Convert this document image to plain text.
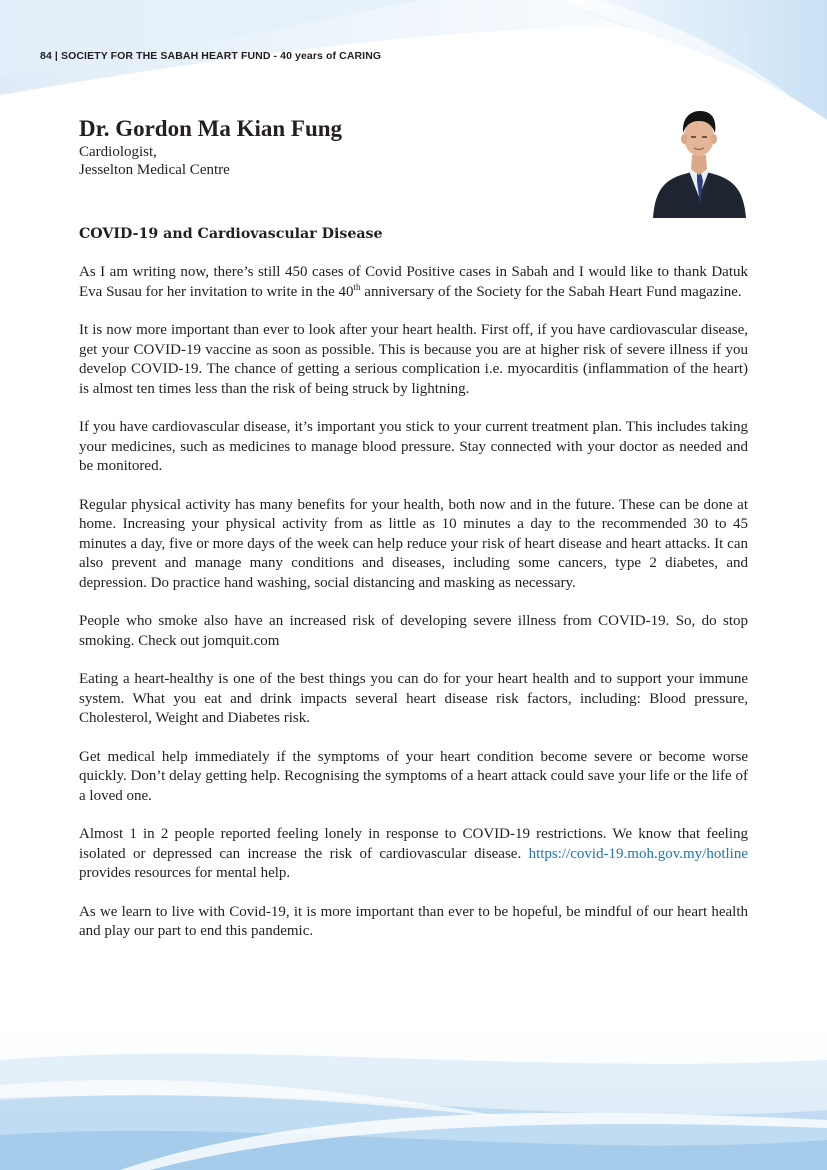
84 | SOCIETY FOR THE SABAH HEART FUND - 40 years of CARING
Dr. Gordon Ma Kian Fung
Cardiologist,
Jesselton Medical Centre
COVID-19 and Cardiovascular Disease

As I am writing now, there’s still 450 cases of Covid Positive cases in Sabah and I would like to thank Datuk Eva Susau for her invitation to write in the 40th anniversary of the Society for the Sabah Heart Fund magazine.

It is now more important than ever to look after your heart health. First off, if you have cardiovascular disease, get your COVID-19 vaccine as soon as possible. This is because you are at higher risk of severe illness if you develop COVID-19. The chance of getting a serious complication i.e. myocarditis (inflammation of the heart) is almost ten times less than the risk of being struck by lightning.

If you have cardiovascular disease, it’s important you stick to your current treatment plan. This includes taking your medicines, such as medicines to manage blood pressure. Stay connected with your doctor as needed and be monitored.

Regular physical activity has many benefits for your health, both now and in the future. These can be done at home. Increasing your physical activity from as little as 10 minutes a day to the recommended 30 to 45 minutes a day, five or more days of the week can help reduce your risk of heart disease and heart attacks. It can also prevent and manage many conditions and diseases, including some cancers, type 2 diabetes, and depression. Do practice hand washing, social distancing and masking as necessary.

People who smoke also have an increased risk of developing severe illness from COVID-19. So, do stop smoking. Check out jomquit.com

Eating a heart-healthy is one of the best things you can do for your heart health and to support your immune system. What you eat and drink impacts several heart disease risk factors, including: Blood pressure, Cholesterol, Weight and Diabetes risk.

Get medical help immediately if the symptoms of your heart condition become severe or become worse quickly. Don’t delay getting help. Recognising the symptoms of a heart attack could save your life or the life of a loved one.

Almost 1 in 2 people reported feeling lonely in response to COVID-19 restrictions. We know that feeling isolated or depressed can increase the risk of cardiovascular disease. https://covid-19.moh.gov.my/hotline provides resources for mental help.

As we learn to live with Covid-19, it is more important than ever to be hopeful, be mindful of our heart health and play our part to end this pandemic.
